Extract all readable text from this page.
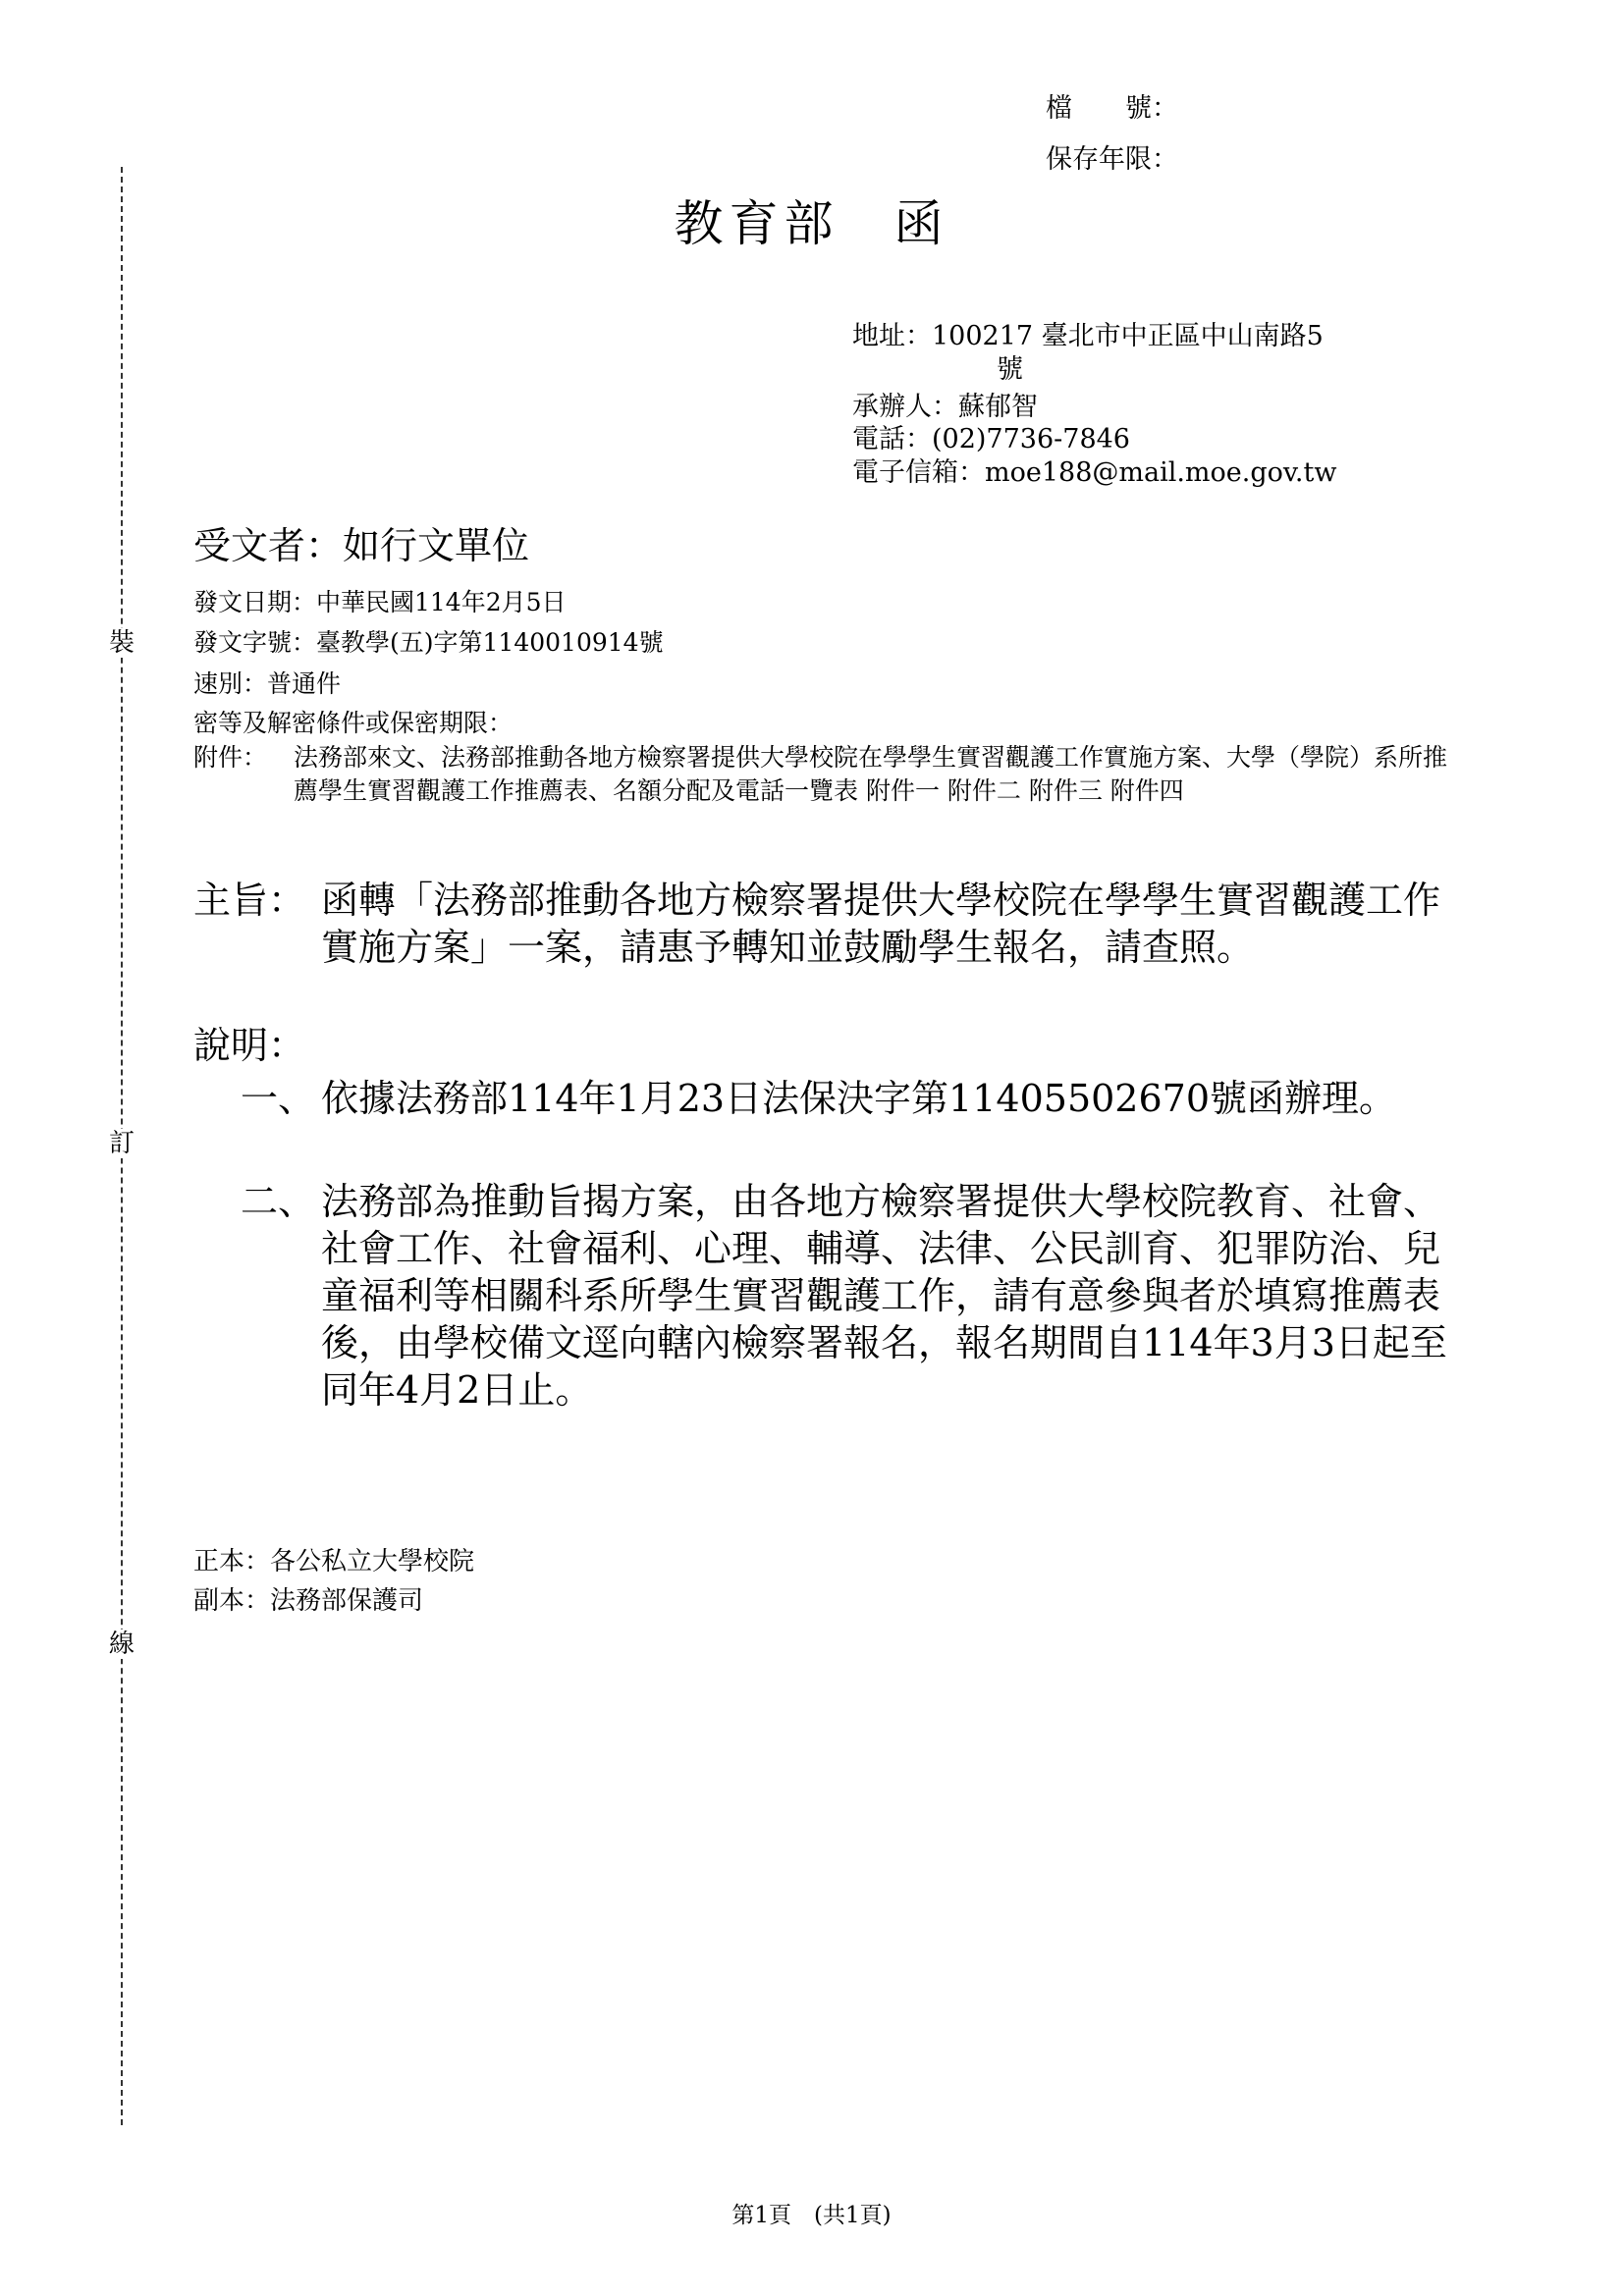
裝
訂
線
檔　　號：
保存年限：
教育部　函
地址：100217 臺北市中正區中山南路5
號
承辦人：蘇郁智
電話：(02)7736-7846
電子信箱：moe188@mail.moe.gov.tw
受文者：如行文單位
發文日期：中華民國114年2月5日
發文字號：臺教學(五)字第1140010914號
速別：普通件
密等及解密條件或保密期限：
附件： 法務部來文、法務部推動各地方檢察署提供大學校院在學學生實習觀護工作實施方案、大學（學院）系所推薦學生實習觀護工作推薦表、名額分配及電話一覽表 附件一 附件二 附件三 附件四
主旨： 函轉「法務部推動各地方檢察署提供大學校院在學學生實習觀護工作實施方案」一案，請惠予轉知並鼓勵學生報名，請查照。
說明：
一、 依據法務部114年1月23日法保決字第11405502670號函辦理。
二、 法務部為推動旨揭方案，由各地方檢察署提供大學校院教育、社會、社會工作、社會福利、心理、輔導、法律、公民訓育、犯罪防治、兒童福利等相關科系所學生實習觀護工作，請有意參與者於填寫推薦表後，由學校備文逕向轄內檢察署報名，報名期間自114年3月3日起至同年4月2日止。
正本：各公私立大學校院
副本：法務部保護司
第1頁　(共1頁)
